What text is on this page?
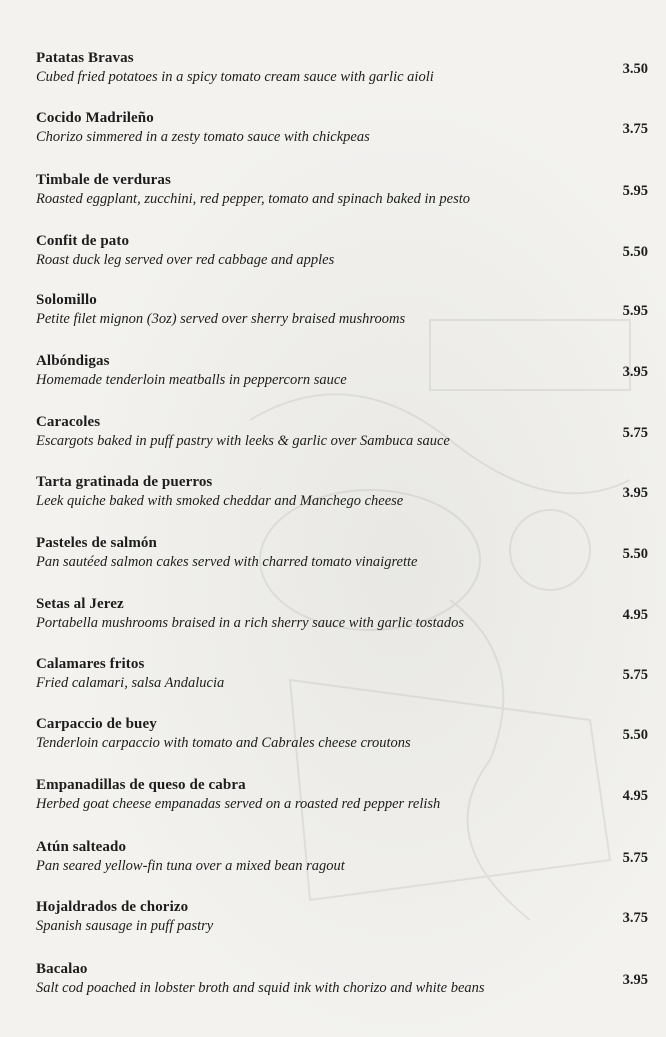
Patatas Bravas
Cubed fried potatoes in a spicy tomato cream sauce with garlic aioli	3.50
Cocido Madrileño
Chorizo simmered in a zesty tomato sauce with chickpeas	3.75
Timbale de verduras
Roasted eggplant, zucchini, red pepper, tomato and spinach baked in pesto	5.95
Confit de pato
Roast duck leg served over red cabbage and apples	5.50
Solomillo
Petite filet mignon (3oz) served over sherry braised mushrooms	5.95
Albóndigas
Homemade tenderloin meatballs in peppercorn sauce	3.95
Caracoles
Escargots baked in puff pastry with leeks & garlic over Sambuca sauce	5.75
Tarta gratinada de puerros
Leek quiche baked with smoked cheddar and Manchego cheese	3.95
Pasteles de salmón
Pan sautéed salmon cakes served with charred tomato vinaigrette	5.50
Setas al Jerez
Portabella mushrooms braised in a rich sherry sauce with garlic tostados	4.95
Calamares fritos
Fried calamari, salsa Andalucia	5.75
Carpaccio de buey
Tenderloin carpaccio with tomato and Cabrales cheese croutons	5.50
Empanadillas de queso de cabra
Herbed goat cheese empanadas served on a roasted red pepper relish	4.95
Atún salteado
Pan seared yellow-fin tuna over a mixed bean ragout	5.75
Hojaldrados de chorizo
Spanish sausage in puff pastry	3.75
Bacalao
Salt cod poached in lobster broth and squid ink with chorizo and white beans	3.95
